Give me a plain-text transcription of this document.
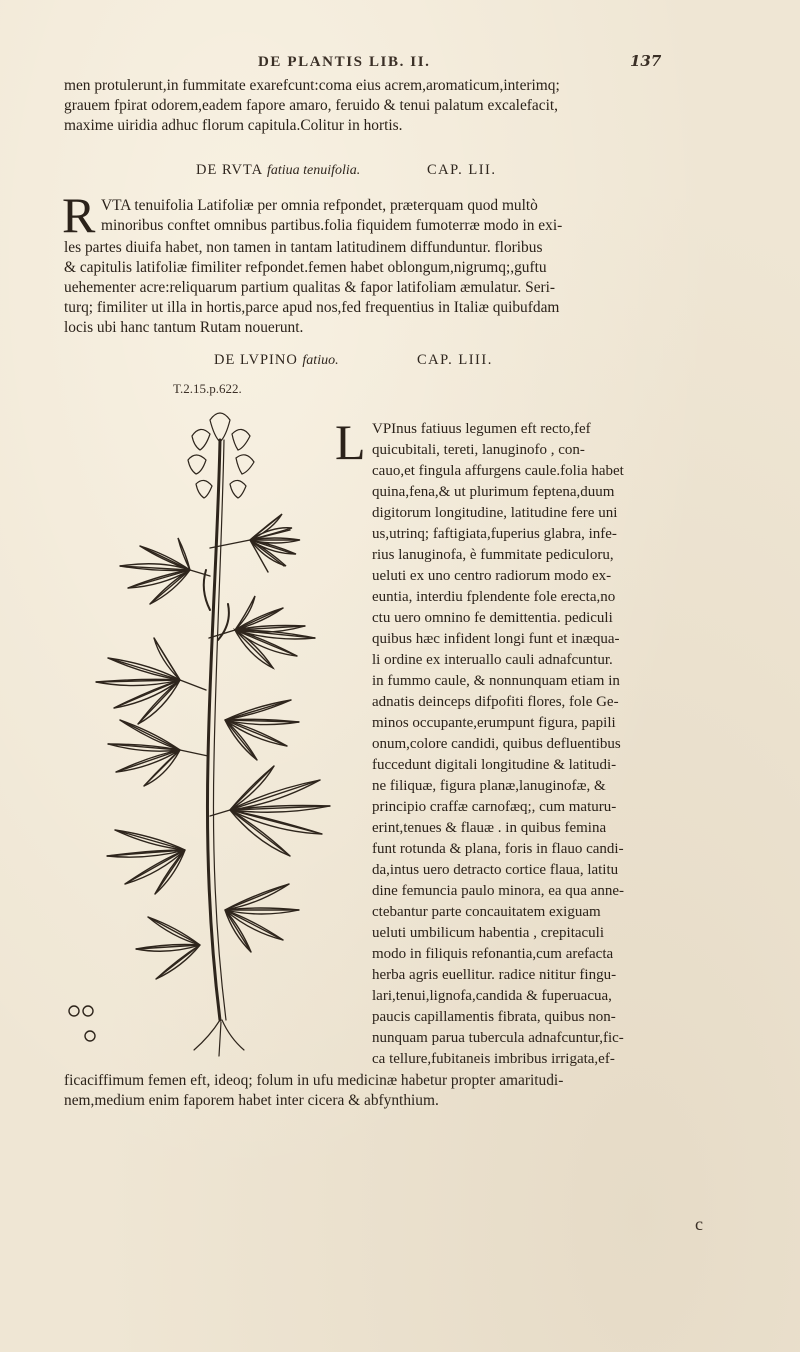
DE PLANTIS LIB. II.	137
men protulerunt,in fummitate exarefcunt:coma eius acrem,aromaticum,interimq;
grauem fpirat odorem,eadem fapore amaro, feruido & tenui palatum excalefacit,
maxime uiridia adhuc florum capitula.Colitur in hortis.
DE RVTA fatiua tenuifolia.	CAP. LII.
R VTA tenuifolia Latifoliæ per omnia refpondet, præterquam quod multò
minoribus conftet omnibus partibus.folia fiquidem fumoterræ modo in exi-
les partes diuifa habet, non tamen in tantam latitudinem diffunduntur. floribus
& capitulis latifoliæ fimiliter refpondet.femen habet oblongum,nigrumq;,guftu
uehementer acre:reliquarum partium qualitas & fapor latifoliam æmulatur. Seri-
turq; fimiliter ut illa in hortis,parce apud nos,fed frequentius in Italiæ quibufdam
locis ubi hanc tantum Rutam nouerunt.
DE LVPINO fatiuo.	CAP. LIII.
T.2.15.p.622.
L VPInus fatiuus legumen eft recto,fef
quicubitali, tereti, lanuginofo , con-
cauo,et fingula affurgens caule.folia habet
quina,fena,& ut plurimum feptena,duum
digitorum longitudine, latitudine fere uni
us,utrinq; faftigiata,fuperius glabra, infe-
rius lanuginofa, è fummitate pediculoru,
ueluti ex uno centro radiorum modo ex-
euntia, interdiu fplendente fole erecta,no
ctu uero omnino fe demittentia. pediculi
quibus hæc infident longi funt et inæqua-
li ordine ex interuallo cauli adnafcuntur.
in fummo caule, & nonnunquam etiam in
adnatis deinceps difpofiti flores, fole Ge-
minos occupante,erumpunt figura, papili
onum,colore candidi, quibus defluentibus
fuccedunt digitali longitudine & latitudi-
ne filiquæ, figura planæ,lanuginofæ, &
principio craffæ carnofæq;, cum maturu-
erint,tenues & flauæ . in quibus femina
funt rotunda & plana, foris in flauo candi-
da,intus uero detracto cortice flaua, latitu
dine femuncia paulo minora, ea qua anne-
ctebantur parte concauitatem exiguam
ueluti umbilicum habentia , crepitaculi
modo in filiquis refonantia,cum arefacta
herba agris euellitur. radice nititur fingu-
lari,tenui,lignofa,candida & fuperuacua,
paucis capillamentis fibrata, quibus non-
nunquam parua tubercula adnafcuntur,fic-
ca tellure,fubitaneis imbribus irrigata,ef-
ficaciffimum femen eft, ideoq; folum in ufu medicinæ habetur propter amaritudi-
nem,medium enim faporem habet inter cicera & abfynthium.
c
